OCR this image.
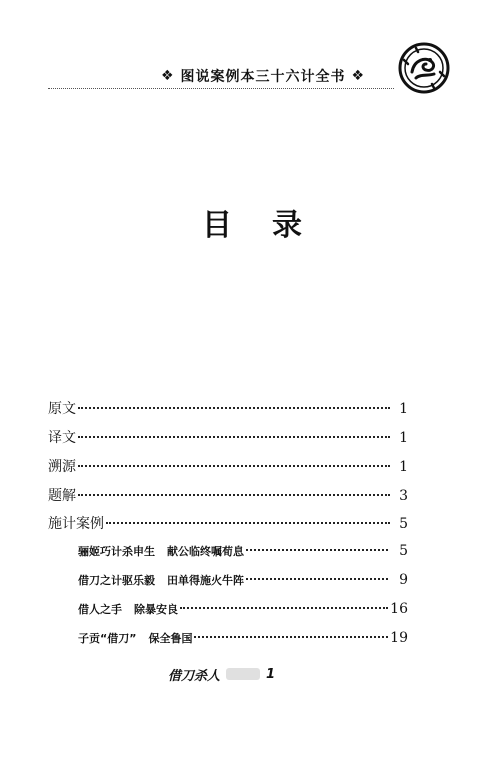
❖ 图说案例本三十六计全书 ❖
目录
原文	1
译文	1
溯源	1
题解	3
施计案例	5
骊姬巧计杀申生 献公临终嘱荀息	5
借刀之计驱乐毅 田单得施火牛阵	9
借人之手 除暴安良	16
子贡“借刀” 保全鲁国	19
借刀杀人	1
